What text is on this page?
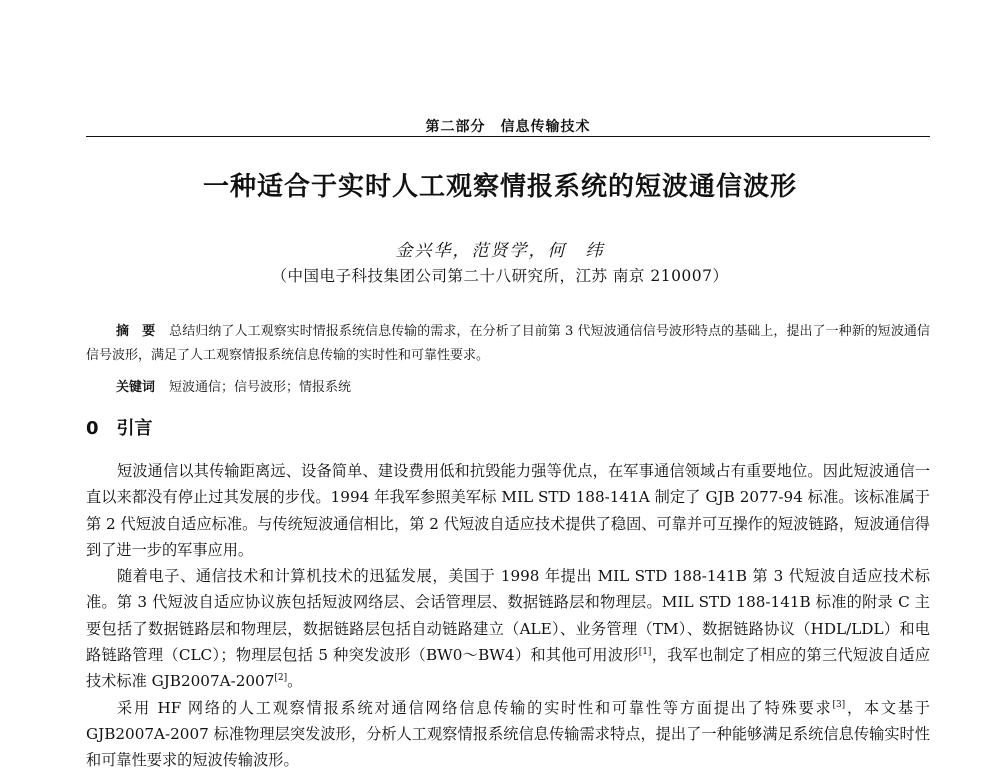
第二部分　信息传输技术
一种适合于实时人工观察情报系统的短波通信波形
金兴华，范贤学，何　纬
（中国电子科技集团公司第二十八研究所，江苏 南京 210007）
摘　要 总结归纳了人工观察实时情报系统信息传输的需求，在分析了目前第 3 代短波通信信号波形特点的基础上，提出了一种新的短波通信信号波形，满足了人工观察情报系统信息传输的实时性和可靠性要求。
关键词 短波通信；信号波形；情报系统
0 引言

短波通信以其传输距离远、设备简单、建设费用低和抗毁能力强等优点，在军事通信领域占有重要地位。因此短波通信一直以来都没有停止过其发展的步伐。1994 年我军参照美军标 MIL STD 188-141A 制定了 GJB 2077-94 标准。该标准属于第 2 代短波自适应标准。与传统短波通信相比，第 2 代短波自适应技术提供了稳固、可靠并可互操作的短波链路，短波通信得到了进一步的军事应用。

随着电子、通信技术和计算机技术的迅猛发展，美国于 1998 年提出 MIL STD 188-141B 第 3 代短波自适应技术标准。第 3 代短波自适应协议族包括短波网络层、会话管理层、数据链路层和物理层。MIL STD 188-141B 标准的附录 C 主要包括了数据链路层和物理层，数据链路层包括自动链路建立（ALE）、业务管理（TM）、数据链路协议（HDL/LDL）和电路链路管理（CLC）；物理层包括 5 种突发波形（BW0～BW4）和其他可用波形[1]，我军也制定了相应的第三代短波自适应技术标准 GJB2007A-2007[2]。

采用 HF 网络的人工观察情报系统对通信网络信息传输的实时性和可靠性等方面提出了特殊要求[3]，本文基于 GJB2007A-2007 标准物理层突发波形，分析人工观察情报系统信息传输需求特点，提出了一种能够满足系统信息传输实时性和可靠性要求的短波传输波形。
